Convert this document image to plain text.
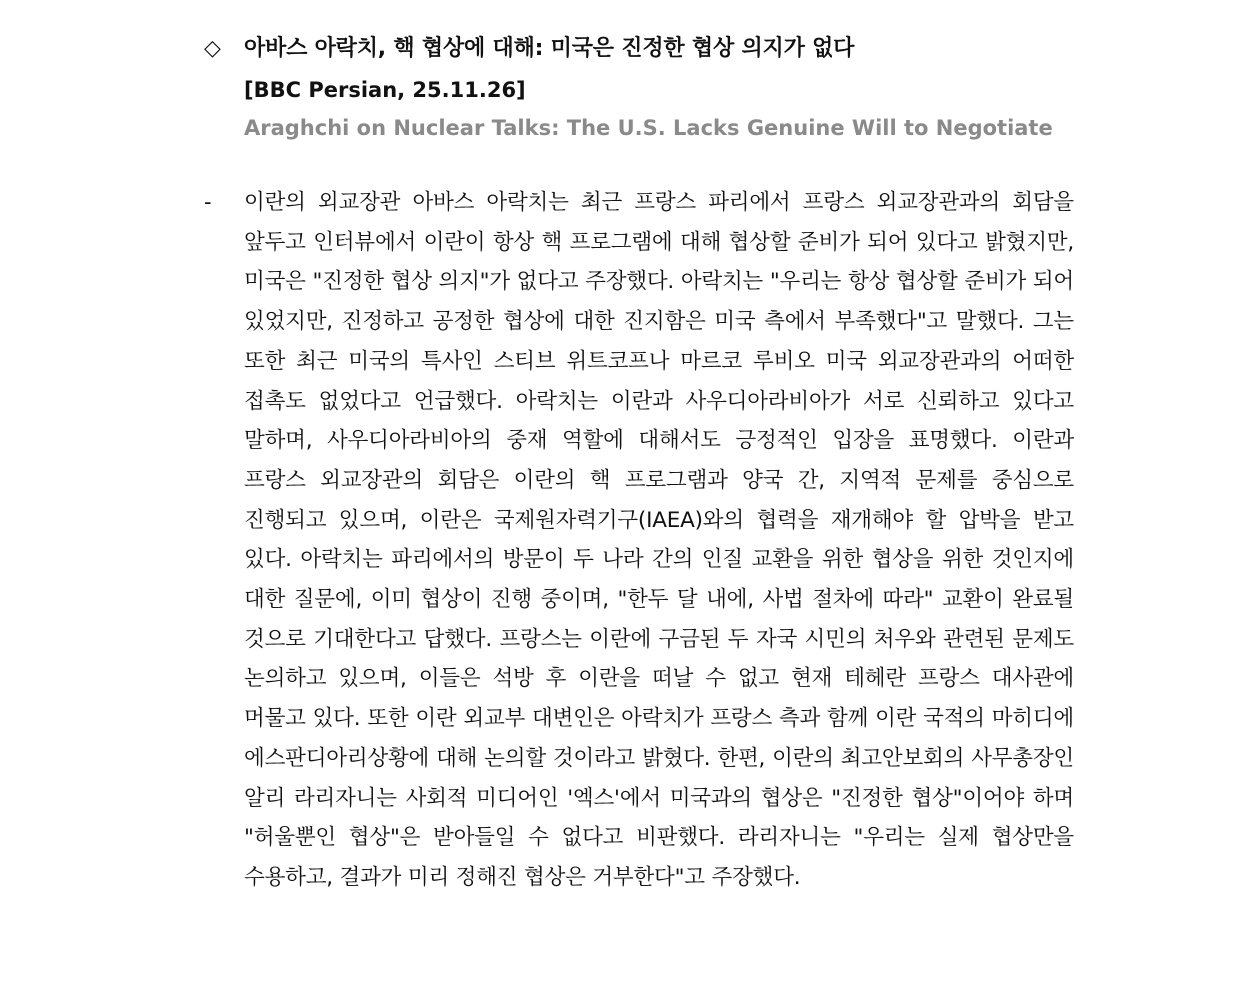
◇	아바스 아락치, 핵 협상에 대해: 미국은 진정한 협상 의지가 없다
[BBC Persian, 25.11.26]
Araghchi on Nuclear Talks: The U.S. Lacks Genuine Will to Negotiate
-	이란의 외교장관 아바스 아락치는 최근 프랑스 파리에서 프랑스 외교장관과의 회담을 앞두고 인터뷰에서 이란이 항상 핵 프로그램에 대해 협상할 준비가 되어 있다고 밝혔지만, 미국은 "진정한 협상 의지"가 없다고 주장했다. 아락치는 "우리는 항상 협상할 준비가 되어 있었지만, 진정하고 공정한 협상에 대한 진지함은 미국 측에서 부족했다"고 말했다. 그는 또한 최근 미국의 특사인 스티브 위트코프나 마르코 루비오 미국 외교장관과의 어떠한 접촉도 없었다고 언급했다. 아락치는 이란과 사우디아라비아가 서로 신뢰하고 있다고 말하며, 사우디아라비아의 중재 역할에 대해서도 긍정적인 입장을 표명했다. 이란과 프랑스 외교장관의 회담은 이란의 핵 프로그램과 양국 간, 지역적 문제를 중심으로 진행되고 있으며, 이란은 국제원자력기구(IAEA)와의 협력을 재개해야 할 압박을 받고 있다. 아락치는 파리에서의 방문이 두 나라 간의 인질 교환을 위한 협상을 위한 것인지에 대한 질문에, 이미 협상이 진행 중이며, "한두 달 내에, 사법 절차에 따라" 교환이 완료될 것으로 기대한다고 답했다. 프랑스는 이란에 구금된 두 자국 시민의 처우와 관련된 문제도 논의하고 있으며, 이들은 석방 후 이란을 떠날 수 없고 현재 테헤란 프랑스 대사관에 머물고 있다. 또한 이란 외교부 대변인은 아락치가 프랑스 측과 함께 이란 국적의 마히디에 에스판디아리상황에 대해 논의할 것이라고 밝혔다. 한편, 이란의 최고안보회의 사무총장인 알리 라리자니는 사회적 미디어인 '엑스'에서 미국과의 협상은 "진정한 협상"이어야 하며 "허울뿐인 협상"은 받아들일 수 없다고 비판했다. 라리자니는 "우리는 실제 협상만을 수용하고, 결과가 미리 정해진 협상은 거부한다"고 주장했다.
